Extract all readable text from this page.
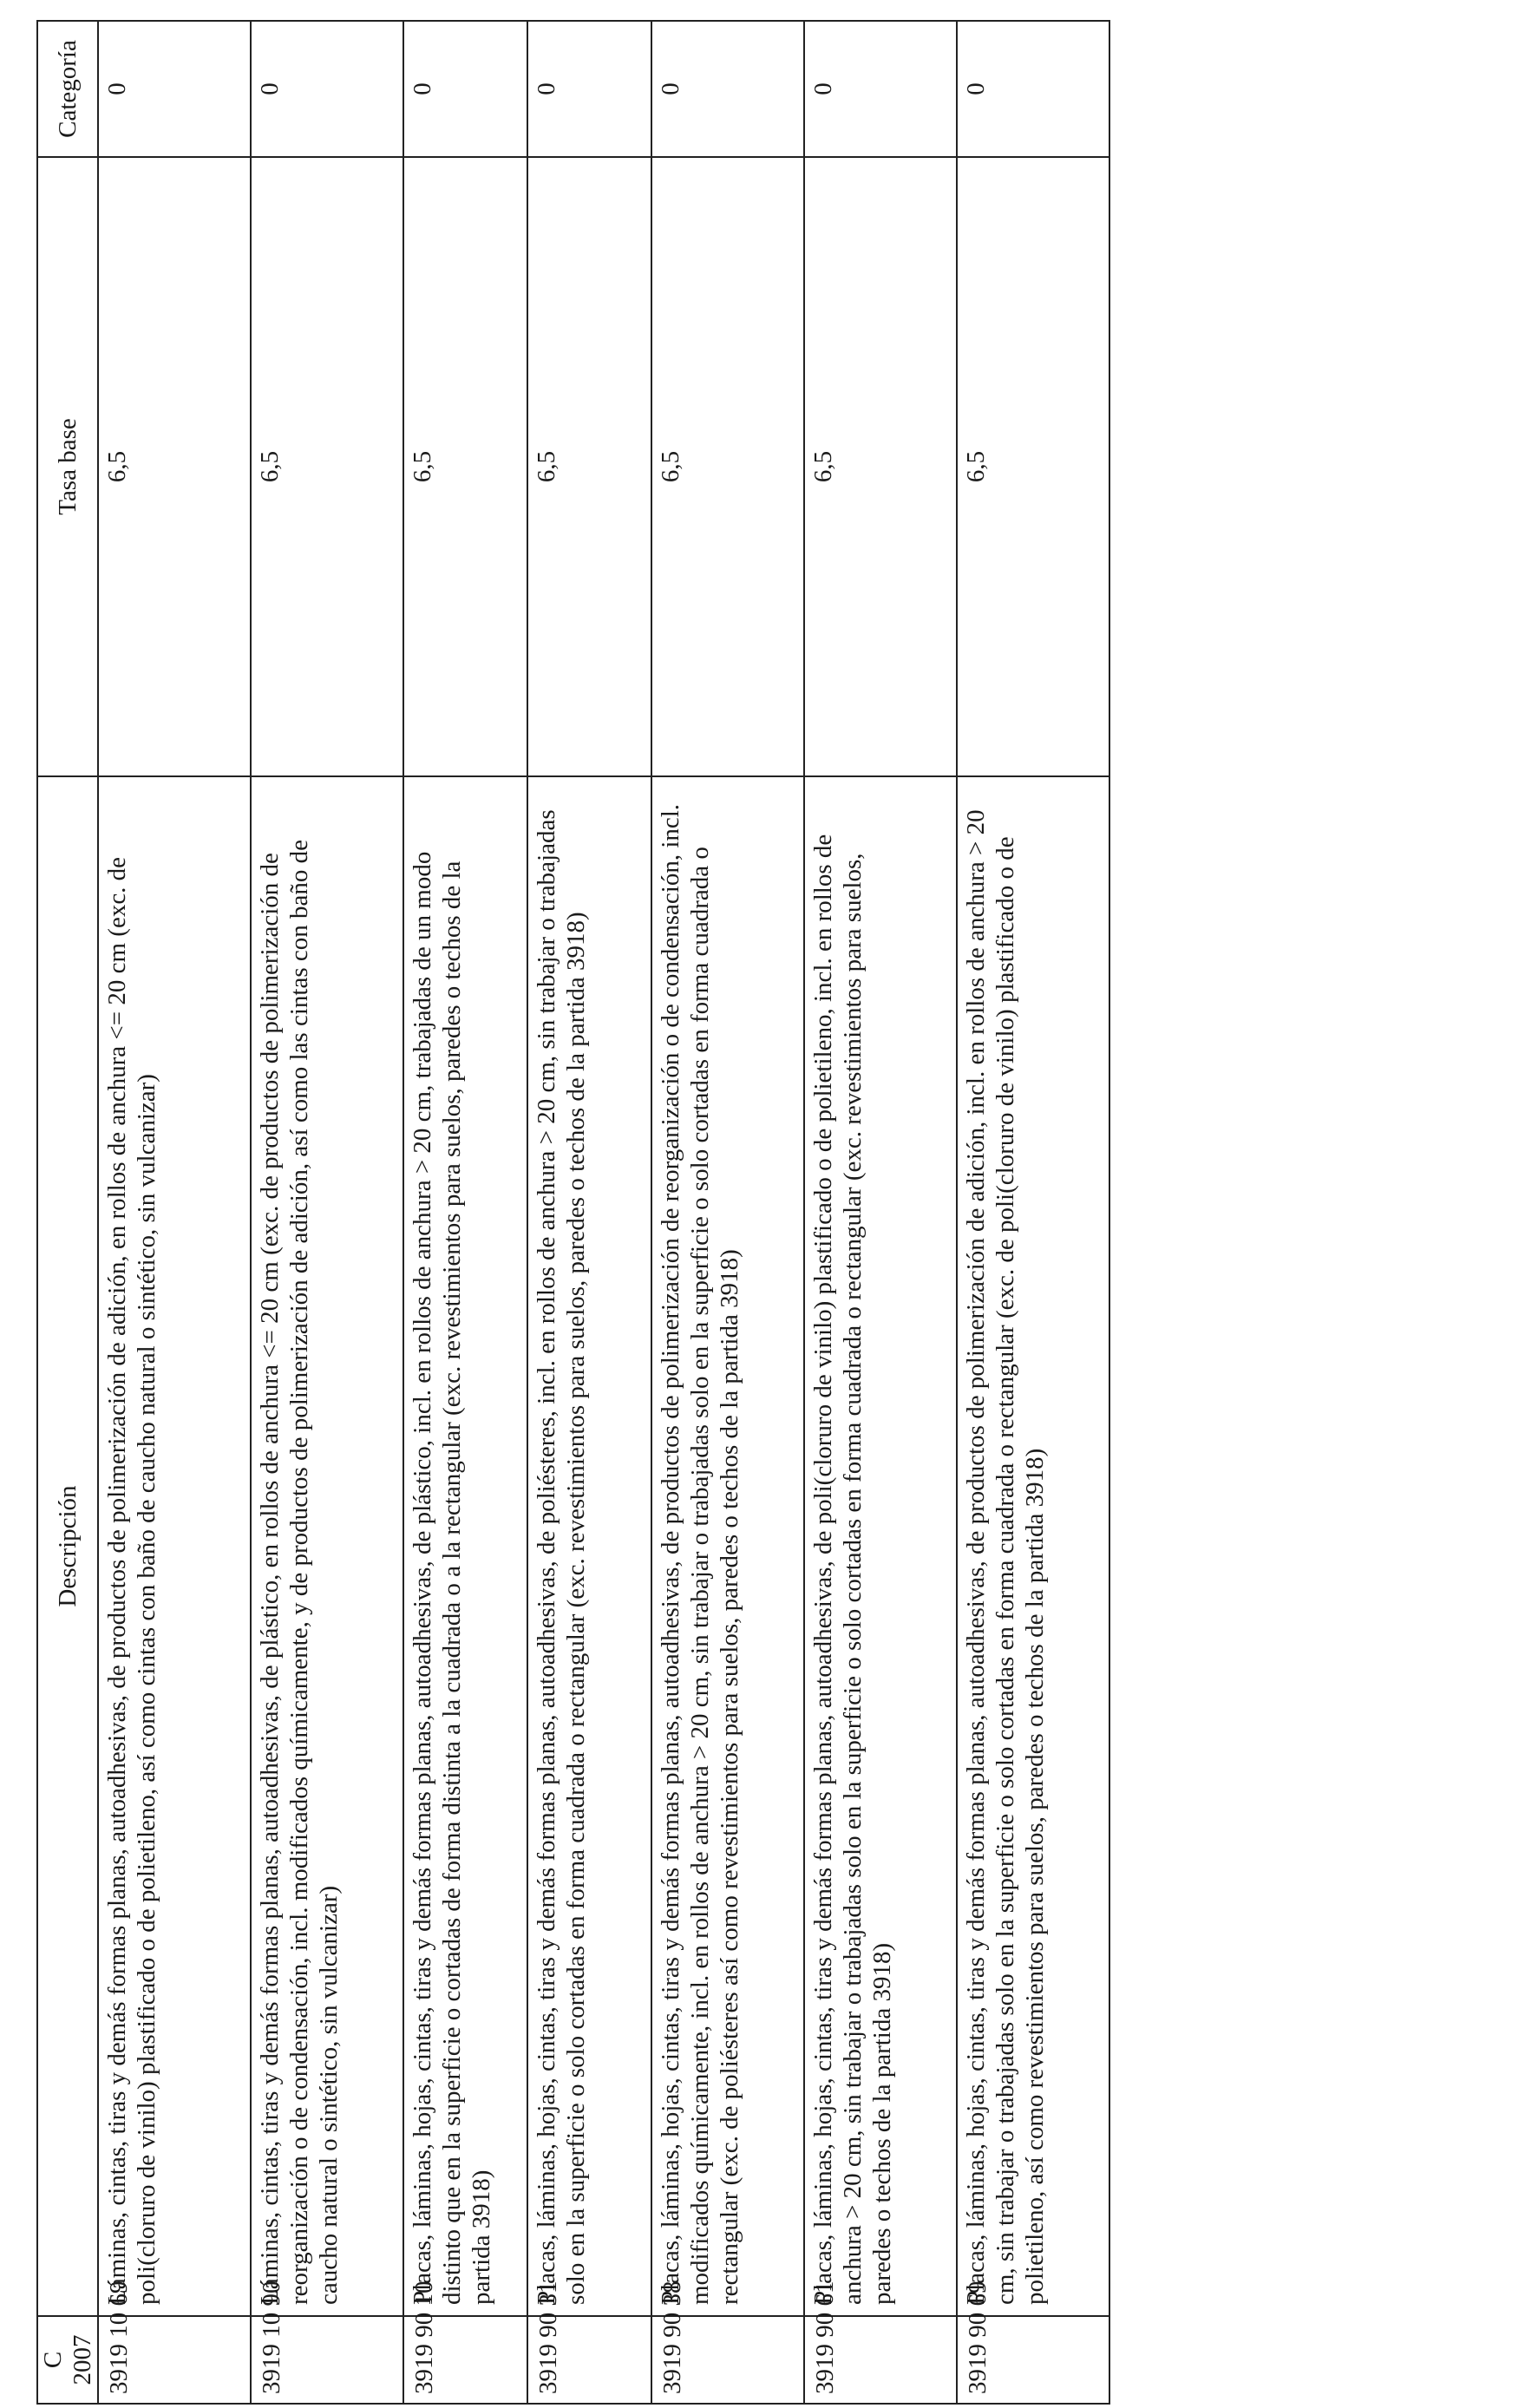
C 2007	Descripción	Tasa base	Categoría
3919 10 69	Láminas, cintas, tiras y demás formas planas, autoadhesivas, de productos de polimerización de adición, en rollos de anchura <= 20 cm (exc. de poli(cloruro de vinilo) plastificado o de polietileno, así como cintas con baño de caucho natural o sintético, sin vulcanizar)	6,5	0
3919 10 90	Láminas, cintas, tiras y demás formas planas, autoadhesivas, de plástico, en rollos de anchura <= 20 cm (exc. de productos de polimerización de reorganización o de condensación, incl. modificados químicamente, y de productos de polimerización de adición, así como las cintas con baño de caucho natural o sintético, sin vulcanizar)	6,5	0
3919 90 10	Placas, láminas, hojas, cintas, tiras y demás formas planas, autoadhesivas, de plástico, incl. en rollos de anchura > 20 cm, trabajadas de un modo distinto que en la superficie o cortadas de forma distinta a la cuadrada o a la rectangular (exc. revestimientos para suelos, paredes o techos de la partida 3918)	6,5	0
3919 90 31	Placas, láminas, hojas, cintas, tiras y demás formas planas, autoadhesivas, de poliésteres, incl. en rollos de anchura > 20 cm, sin trabajar o trabajadas solo en la superficie o solo cortadas en forma cuadrada o rectangular (exc. revestimientos para suelos, paredes o techos de la partida 3918)	6,5	0
3919 90 38	Placas, láminas, hojas, cintas, tiras y demás formas planas, autoadhesivas, de productos de polimerización de reorganización o de condensación, incl. modificados químicamente, incl. en rollos de anchura > 20 cm, sin trabajar o trabajadas solo en la superficie o solo cortadas en forma cuadrada o rectangular (exc. de poliésteres así como revestimientos para suelos, paredes o techos de la partida 3918)	6,5	0
3919 90 61	Placas, láminas, hojas, cintas, tiras y demás formas planas, autoadhesivas, de poli(cloruro de vinilo) plastificado o de polietileno, incl. en rollos de anchura > 20 cm, sin trabajar o trabajadas solo en la superficie o solo cortadas en forma cuadrada o rectangular (exc. revestimientos para suelos, paredes o techos de la partida 3918)	6,5	0
3919 90 69	Placas, láminas, hojas, cintas, tiras y demás formas planas, autoadhesivas, de productos de polimerización de adición, incl. en rollos de anchura > 20 cm, sin trabajar o trabajadas solo en la superficie o solo cortadas en forma cuadrada o rectangular (exc. de poli(cloruro de vinilo) plastificado o de polietileno, así como revestimientos para suelos, paredes o techos de la partida 3918)	6,5	0
